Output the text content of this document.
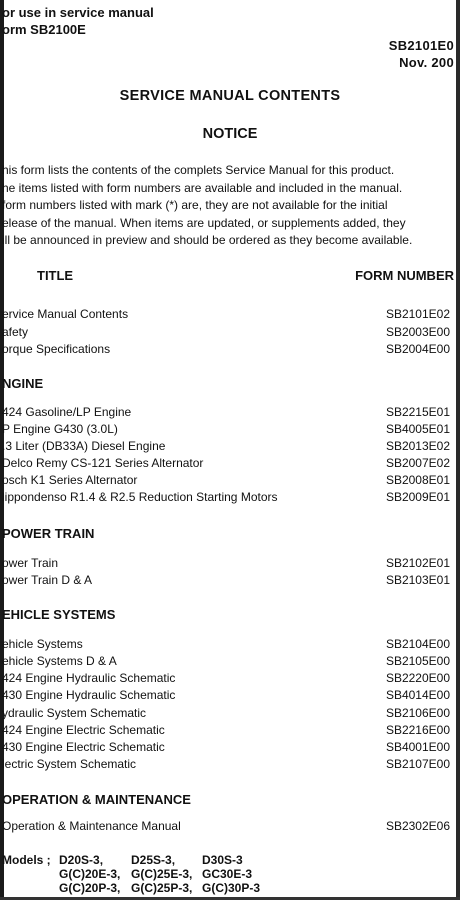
or use in service manual
orm SB2100E
SB2101E0
Nov. 200
SERVICE MANUAL CONTENTS
NOTICE
his form lists the contents of the complets Service Manual for this product.
he items listed with form numbers are available and included in the manual.
form numbers listed with mark (*) are, they are not available for the initial
elease of the manual. When items are updated, or supplements added, they
ill be announced in preview and should be ordered as they become available.
TITLE	FORM NUMBER
ervice Manual Contents	SB2101E02
afety	SB2003E00
orque Specifications	SB2004E00
NGINE
424 Gasoline/LP Engine	SB2215E01
P Engine G430 (3.0L)	SB4005E01
.3 Liter (DB33A) Diesel Engine	SB2013E02
Delco Remy CS-121 Series Alternator	SB2007E02
osch K1 Series Alternator	SB2008E01
lippondenso R1.4 & R2.5 Reduction Starting Motors	SB2009E01
POWER TRAIN
ower Train	SB2102E01
ower Train D & A	SB2103E01
EHICLE SYSTEMS
ehicle Systems	SB2104E00
ehicle Systems D & A	SB2105E00
424 Engine Hydraulic Schematic	SB2220E00
430 Engine Hydraulic Schematic	SB4014E00
ydraulic System Schematic	SB2106E00
424 Engine Electric Schematic	SB2216E00
430 Engine Electric Schematic	SB4001E00
lectric System Schematic	SB2107E00
OPERATION & MAINTENANCE
Operation & Maintenance Manual	SB2302E06
Models ; D20S-3, D25S-3, D30S-3
G(C)20E-3, G(C)25E-3, GC30E-3
G(C)20P-3, G(C)25P-3, G(C)30P-3
